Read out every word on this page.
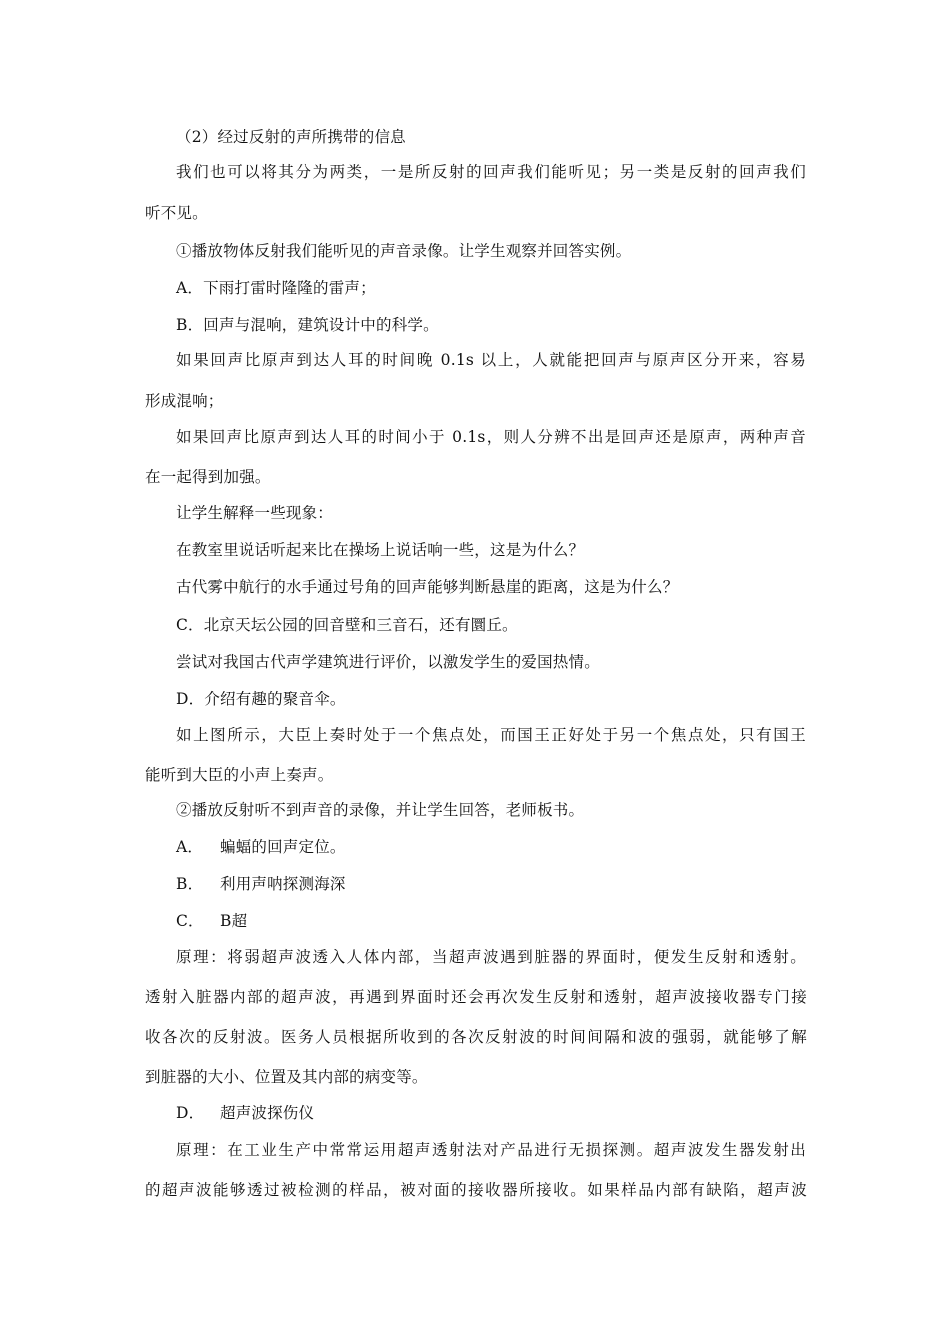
（2）经过反射的声所携带的信息
我们也可以将其分为两类，一是所反射的回声我们能听见；另一类是反射的回声我们
听不见。
①播放物体反射我们能听见的声音录像。让学生观察并回答实例。
A．下雨打雷时隆隆的雷声；
B．回声与混响，建筑设计中的科学。
如果回声比原声到达人耳的时间晚 0.1s 以上，人就能把回声与原声区分开来，容易
形成混响；
如果回声比原声到达人耳的时间小于 0.1s，则人分辨不出是回声还是原声，两种声音
在一起得到加强。
让学生解释一些现象：
在教室里说话听起来比在操场上说话响一些，这是为什么？
古代雾中航行的水手通过号角的回声能够判断悬崖的距离，这是为什么？
C．北京天坛公园的回音壁和三音石，还有圜丘。
尝试对我国古代声学建筑进行评价，以激发学生的爱国热情。
D．介绍有趣的聚音伞。
如上图所示，大臣上奏时处于一个焦点处，而国王正好处于另一个焦点处，只有国王
能听到大臣的小声上奏声。
②播放反射听不到声音的录像，并让学生回答，老师板书。
A． 蝙蝠的回声定位。
B． 利用声呐探测海深
C． B超
原理：将弱超声波透入人体内部，当超声波遇到脏器的界面时，便发生反射和透射。
透射入脏器内部的超声波，再遇到界面时还会再次发生反射和透射，超声波接收器专门接
收各次的反射波。医务人员根据所收到的各次反射波的时间间隔和波的强弱，就能够了解
到脏器的大小、位置及其内部的病变等。
D． 超声波探伤仪
原理：在工业生产中常常运用超声透射法对产品进行无损探测。超声波发生器发射出
的超声波能够透过被检测的样品，被对面的接收器所接收。如果样品内部有缺陷，超声波
